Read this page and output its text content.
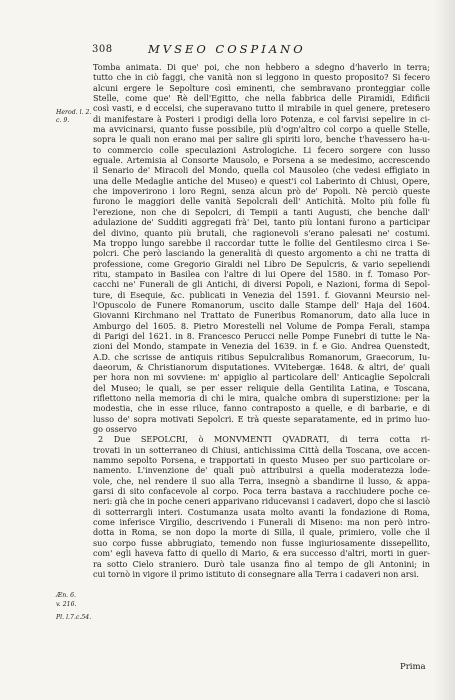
308	MVSEO COSPIANO
Herod. l. 2.
c. 9.
Æn. 6.
v. 216.
Pl. l.7.c.54.
Tomba animata. Di que' poi, che non hebbero a sdegno d'haverlo in terra;
tutto che in ciò faggi, che vanità non si leggono in questo proposito? Si fecero
alcuni ergere le Sepolture così eminenti, che sembravano pronteggiar colle
Stelle, come que' Rè dell'Egitto, che nella fabbrica delle Piramidi, Edificii
così vasti, e d eccelsi, che superavano tutto il mirabile in quel genere, pretesero
di manifestare à Posteri i prodigi della loro Potenza, e col farvisi sepelire in ci-
ma avvicinarsi, quanto fusse possibile, più d'ogn'altro col corpo a quelle Stelle,
sopra le quali non erano mai per salire gli spiriti loro, benche t'havessero ha-u-
to commercio colle speculazioni Astrologiche. Li fecero sorgere con lusso
eguale. Artemisia al Consorte Mausolo, e Porsena a se medesimo, accrescendo
il Senario de' Miracoli del Mondo, quella col Mausoleo (che vedesi effigiato in
una delle Medaglie antiche del Museo) e quest'i col Laberinto di Chiusi, Opere,
che impoverirono i loro Regni, senza alcun prò de' Popoli. Nè perciò queste
furono le maggiori delle vanità Sepolcrali dell' Antichità. Molto più folle fù
l'erezione, non che di Sepolcri, di Tempii a tanti Augusti, che benche dall'
adulazione de' Sudditi aggregati frà' Dei, tanto più lontani furono a participar
del divino, quanto più brutali, che ragionevoli s'erano palesati ne' costumi.
Ma troppo lungo sarebbe il raccordar tutte le follie del Gentilesmo circa i Se-
polcri. Che però lasciando la generalità di questo argomento a chi ne tratta di
professione, come Gregorio Giraldi nel Libro De Sepulcris, & vario sepeliendi
ritu, stampato in Basilea con l'altre di lui Opere del 1580. in f. Tomaso Por-
cacchi ne' Funerali de gli Antichi, di diversi Popoli, e Nazioni, forma di Sepol-
ture, di Esequie, &c. publicati in Venezia del 1591. f. Giovanni Meursio nel-
l'Opuscolo de Funere Romanorum, uscito dalle Stampe dell' Haja del 1604.
Giovanni Kirchmano nel Trattato de Funeribus Romanorum, dato alla luce in
Amburgo del 1605. 8. Pietro Morestelli nel Volume de Pompa Ferali, stampa
di Parigi del 1621. in 8. Francesco Perucci nelle Pompe Funebri di tutte le Na-
zioni del Mondo, stampate in Venezia del 1639. in f. e Gio. Andrea Quenstedt,
A.D. che scrisse de antiquis ritibus Sepulcralibus Romanorum, Graecorum, Iu-
daeorum, & Christianorum disputationes. VVitebergæ. 1648. & altri, de' quali
per hora non mi sovviene: m' appiglio al particolare dell' Anticaglie Sepolcrali
del Museo; le quali, se per esser reliquie della Gentilita Latina, e Toscana,
riflettono nella memoria di chi le mira, qualche ombra di superstizione: per la
modestia, che in esse riluce, fanno contraposto a quelle, e di barbarie, e di
lusso de' sopra motivati Sepolcri. E trà queste separatamente, ed in primo luo-
go osservo
2 Due SEPOLCRI, ò MONVMENTI QVADRATI, di terra cotta ri-
trovati in un sotterraneo di Chiusi, antichissima Città della Toscana, ove accen-
nammo sepolto Porsena, e trapportati in questo Museo per suo particolare or-
namento. L'invenzione de' quali può attribuirsi a quella moderatezza lode-
vole, che, nel rendere il suo alla Terra, insegnò a sbandirne il lusso, & appa-
garsi di sito confacevole al corpo. Poca terra bastava a racchiudere poche ce-
neri: già che in poche ceneri apparivano riducevansi i cadaveri, dopo che si lasciò
di sotterrargli interi. Costumanza usata molto avanti la fondazione di Roma,
come inferisce Virgilio, descrivendo i Funerali di Miseno: ma non però intro-
dotta in Roma, se non dopo la morte di Silla, il quale, primiero, volle che il
suo corpo fusse abbrugiato, temendo non fusse ingiuriosamente dissepellito,
com' egli haveva fatto di quello di Mario, & era successo d'altri, morti in guer-
ra sotto Cielo straniero. Durò tale usanza fino al tempo de gli Antonini; in
cui tornò in vigore il primo istituto di consegnare alla Terra i cadaveri non arsi.
Prima
